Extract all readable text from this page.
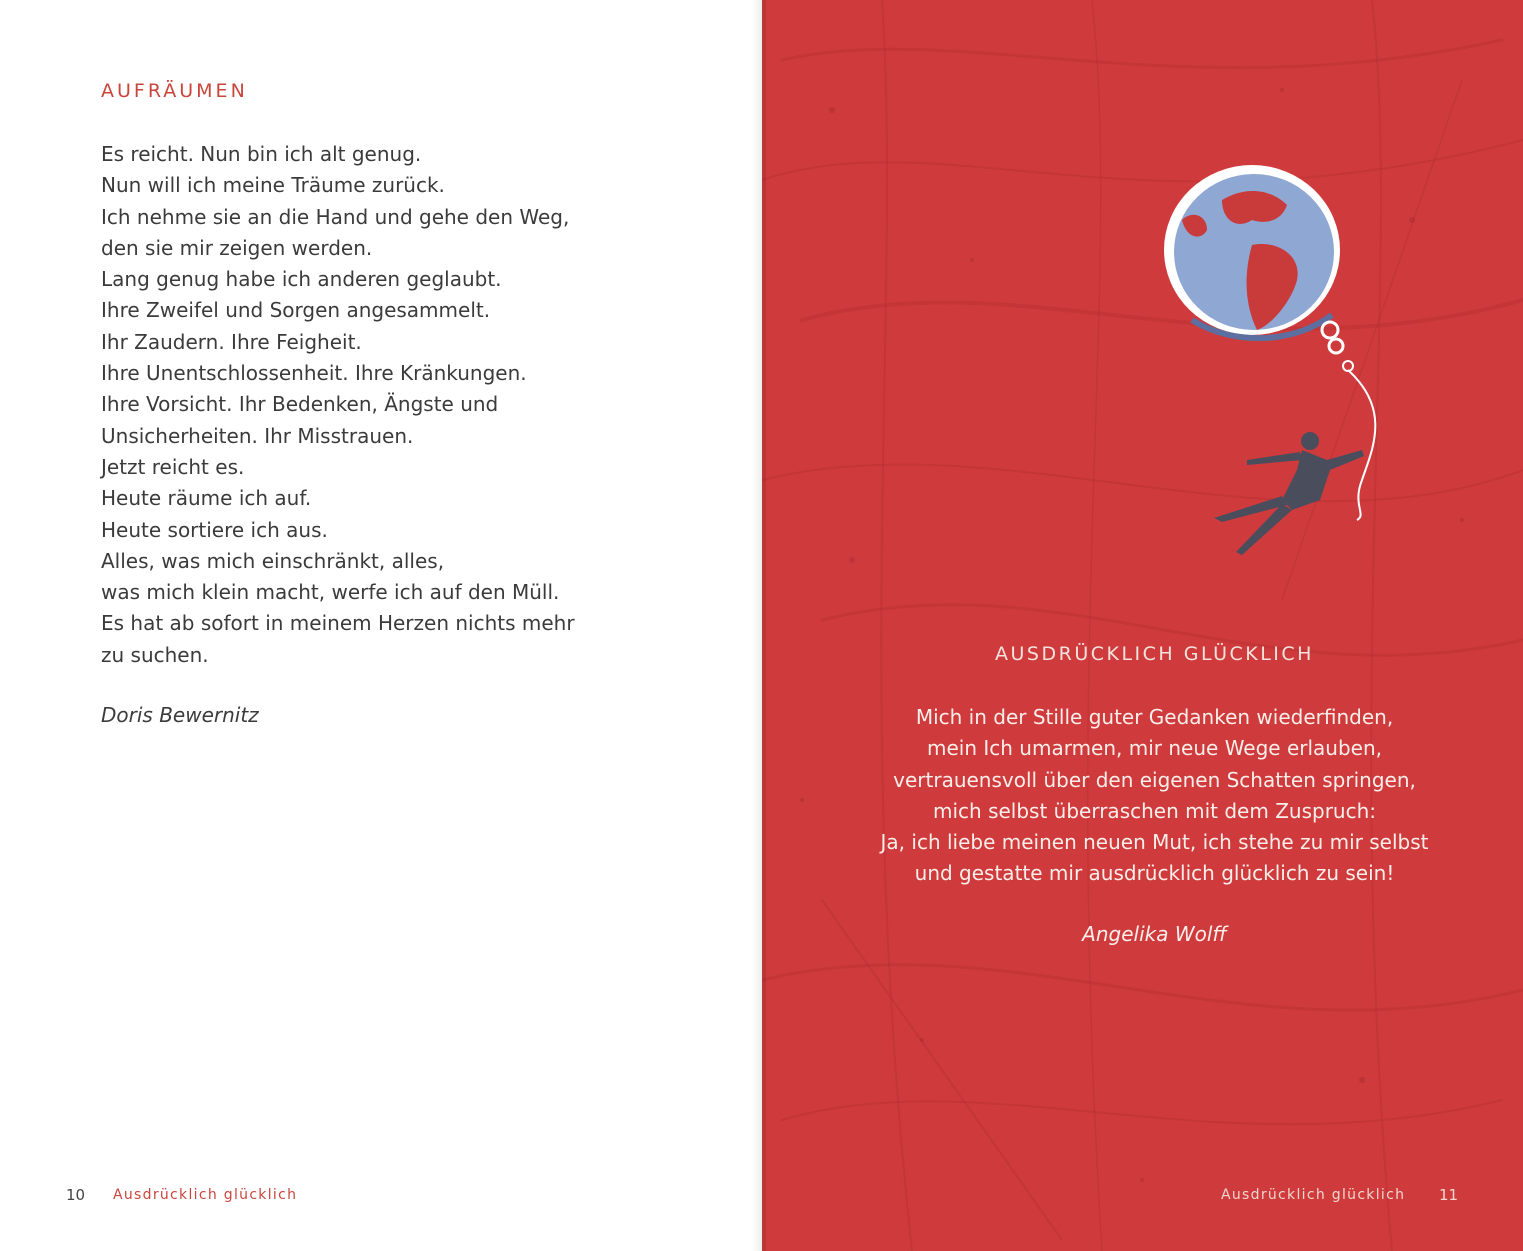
AUFRÄUMEN
Es reicht. Nun bin ich alt genug.
Nun will ich meine Träume zurück.
Ich nehme sie an die Hand und gehe den Weg,
den sie mir zeigen werden.
Lang genug habe ich anderen geglaubt.
Ihre Zweifel und Sorgen angesammelt.
Ihr Zaudern. Ihre Feigheit.
Ihre Unentschlossenheit. Ihre Kränkungen.
Ihre Vorsicht. Ihr Bedenken, Ängste und
Unsicherheiten. Ihr Misstrauen.
Jetzt reicht es.
Heute räume ich auf.
Heute sortiere ich aus.
Alles, was mich einschränkt, alles,
was mich klein macht, werfe ich auf den Müll.
Es hat ab sofort in meinem Herzen nichts mehr
zu suchen.
Doris Bewernitz
10 Ausdrücklich glücklich
AUSDRÜCKLICH GLÜCKLICH
Mich in der Stille guter Gedanken wiederfinden,
mein Ich umarmen, mir neue Wege erlauben,
vertrauensvoll über den eigenen Schatten springen,
mich selbst überraschen mit dem Zuspruch:
Ja, ich liebe meinen neuen Mut, ich stehe zu mir selbst
und gestatte mir ausdrücklich glücklich zu sein!
Angelika Wolff
Ausdrücklich glücklich 11
